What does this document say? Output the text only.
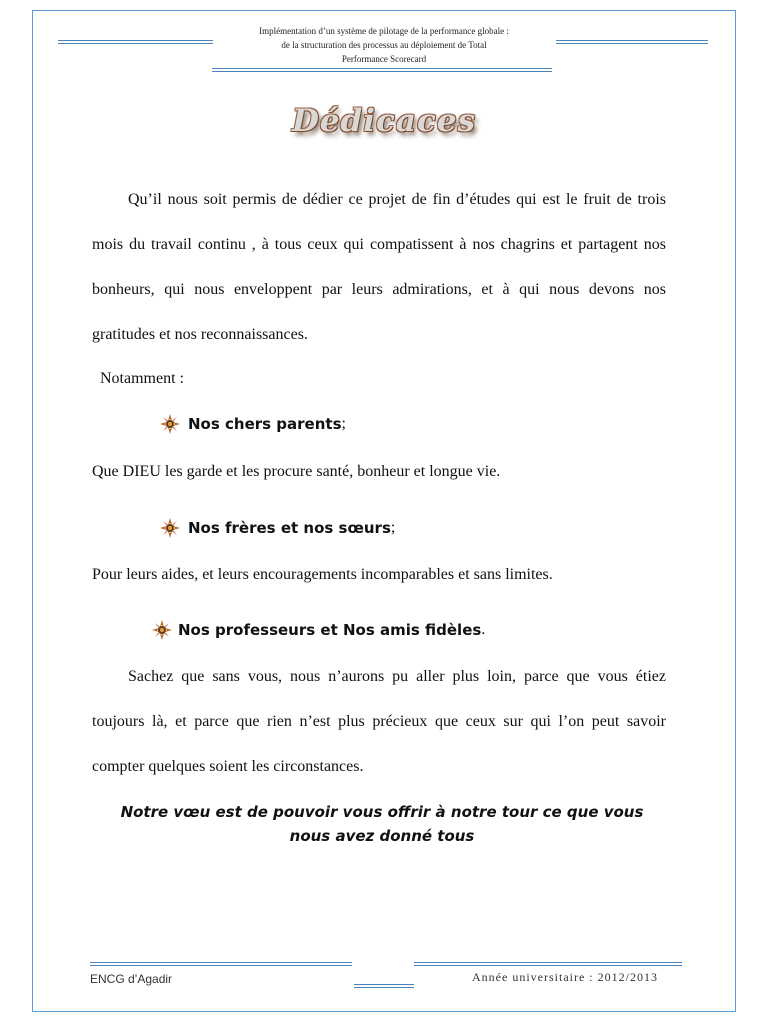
Implémentation d’un système de pilotage de la performance globale :
de la structuration des processus au déploiement de Total
Performance Scorecard
Dédicaces
Qu’il nous soit permis de dédier ce projet de fin d’études qui est le fruit de trois mois du travail continu , à tous ceux qui compatissent à nos chagrins et partagent nos bonheurs, qui nous enveloppent par leurs admirations, et à qui nous devons nos gratitudes et nos reconnaissances.
Notamment :
Nos chers parents ;
Que DIEU les garde et les procure santé, bonheur et longue vie.
Nos frères et nos sœurs ;
Pour leurs aides, et leurs encouragements incomparables et sans limites.
Nos professeurs et Nos amis fidèles .
Sachez que sans vous, nous n’aurons pu aller plus loin, parce que vous étiez toujours là, et parce que rien n’est plus précieux que ceux sur qui l’on peut savoir compter quelques soient les circonstances.
Notre vœu est de pouvoir vous offrir à notre tour ce que vous
nous avez donné tous
ENCG d’Agadir	Année universitaire : 2012/2013
